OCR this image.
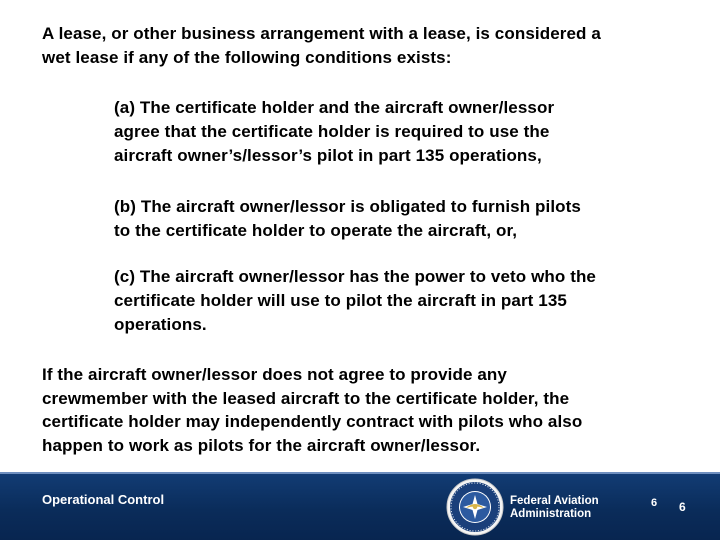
A lease, or other business arrangement with a lease, is considered a
wet lease if any of the following conditions exists:

(a) The certificate holder and the aircraft owner/lessor
agree that the certificate holder is required to use the
aircraft owner’s/lessor’s pilot in part 135 operations,

(b) The aircraft owner/lessor is obligated to furnish pilots
to the certificate holder to operate the aircraft, or,

(c) The aircraft owner/lessor has the power to veto who the
certificate holder will use to pilot the aircraft in part 135
operations.

If the aircraft owner/lessor does not agree to provide any
crewmember with the leased aircraft to the certificate holder, the
certificate holder may independently contract with pilots who also
happen to work as pilots for the aircraft owner/lessor.

Operational Control	Federal Aviation
Administration
6 6
